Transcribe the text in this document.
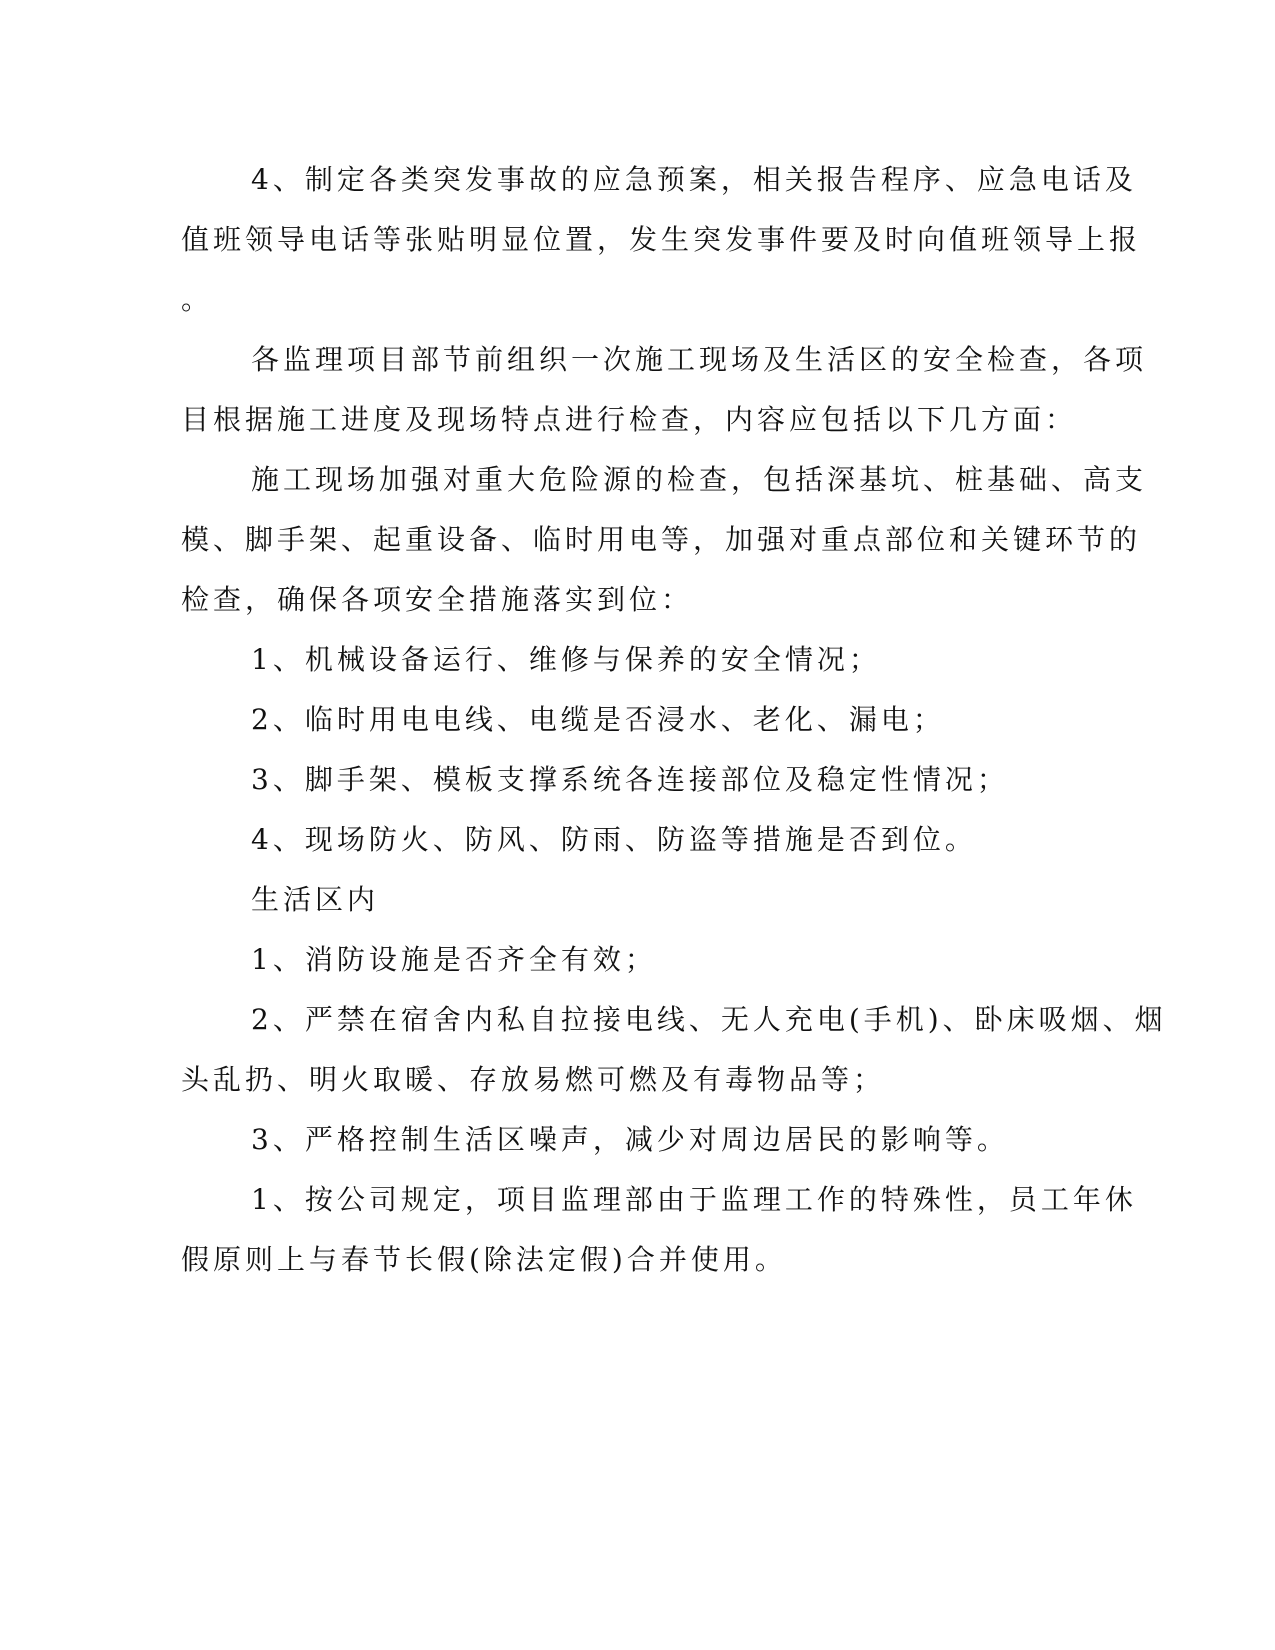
4、制定各类突发事故的应急预案，相关报告程序、应急电话及
值班领导电话等张贴明显位置，发生突发事件要及时向值班领导上报
。
各监理项目部节前组织一次施工现场及生活区的安全检查，各项
目根据施工进度及现场特点进行检查，内容应包括以下几方面：
施工现场加强对重大危险源的检查，包括深基坑、桩基础、高支
模、脚手架、起重设备、临时用电等，加强对重点部位和关键环节的
检查，确保各项安全措施落实到位：
1、机械设备运行、维修与保养的安全情况；
2、临时用电电线、电缆是否浸水、老化、漏电；
3、脚手架、模板支撑系统各连接部位及稳定性情况；
4、现场防火、防风、防雨、防盗等措施是否到位。
生活区内
1、消防设施是否齐全有效；
2、严禁在宿舍内私自拉接电线、无人充电(手机)、卧床吸烟、烟
头乱扔、明火取暖、存放易燃可燃及有毒物品等；
3、严格控制生活区噪声，减少对周边居民的影响等。
1、按公司规定，项目监理部由于监理工作的特殊性，员工年休
假原则上与春节长假(除法定假)合并使用。
